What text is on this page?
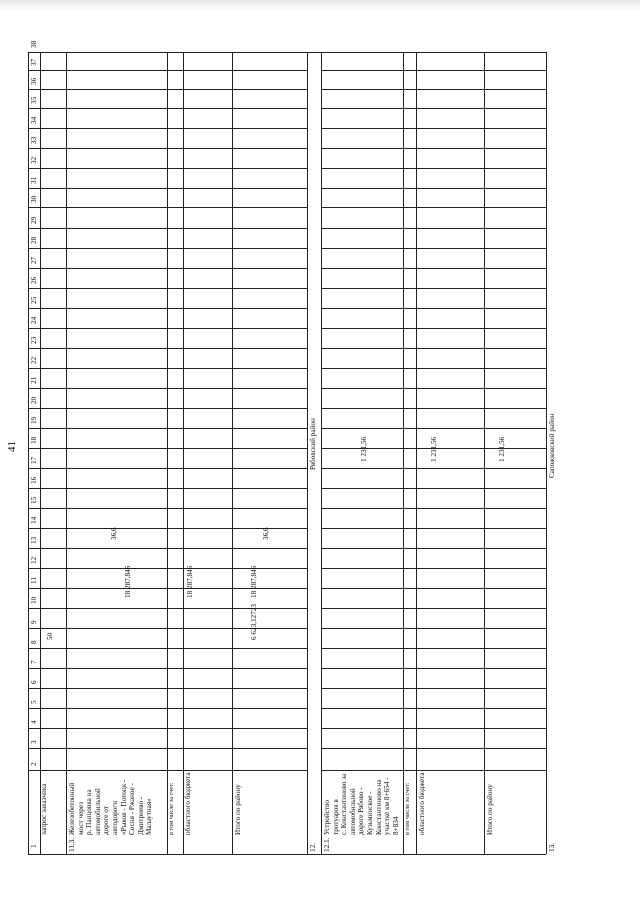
41
1
2
3
4
5
6
7
8
9
10
11
12
13
14
15
16
17
18
19
20
21
22
23
24
25
26
27
28
29
30
31
32
33
34
35
36
37
38
запрос заказчика
11.3.
Железобетонный мост через р. Панцовка на автомобильной дороге от автодороги «Рыков - Потоцк - Сосня - Ржаное - Дмитриево - Малаутная»
50
18 287,846
36,6
в том числе за счет: областного бюджета
18 287,846
Итого по району
6 623,12723
18 287,846
36,6
12.
Рябовский район
12.1.
Устройство тротуаров в с. Константиново за автомобильной дороге Рябово - Кузьминское - Константиново на участке км 8+654 - 8+834
1 231,56
в том числе за счет: областного бюджета
1 231,56
Итого по району
1 231,56
13.
Сапожковский район
